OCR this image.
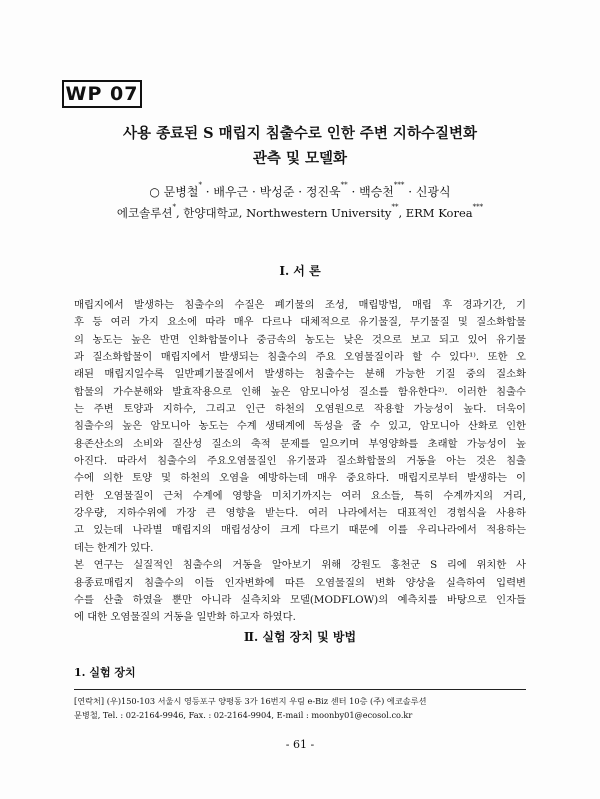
WP 07
사용 종료된 S 매립지 침출수로 인한 주변 지하수질변화
관측 및 모델화
○ 문병철* · 배우근 · 박성준 · 정진욱** · 백승천*** · 신광식
에코솔루션*, 한양대학교, Northwestern University**, ERM Korea***
Ⅰ. 서 론
매립지에서 발생하는 침출수의 수질은 폐기물의 조성, 매립방법, 매립 후 경과기간, 기
후 등 여러 가지 요소에 따라 매우 다르나 대체적으로 유기물질, 무기물질 및 질소화합물
의 농도는 높은 반면 인화합물이나 중금속의 농도는 낮은 것으로 보고 되고 있어 유기물
과 질소화합물이 매립지에서 발생되는 침출수의 주요 오염물질이라 할 수 있다¹⁾. 또한 오
래된 매립지일수록 일반폐기물질에서 발생하는 침출수는 분해 가능한 기질 중의 질소화
합물의 가수분해와 발효작용으로 인해 높은 암모니아성 질소를 함유한다²⁾. 이러한 침출수
는 주변 토양과 지하수, 그리고 인근 하천의 오염원으로 작용할 가능성이 높다. 더욱이
침출수의 높은 암모니아 농도는 수계 생태계에 독성을 줄 수 있고, 암모니아 산화로 인한
용존산소의 소비와 질산성 질소의 축적 문제를 일으키며 부영양화를 초래할 가능성이 높
아진다. 따라서 침출수의 주요오염물질인 유기물과 질소화합물의 거동을 아는 것은 침출
수에 의한 토양 및 하천의 오염을 예방하는데 매우 중요하다. 매립지로부터 발생하는 이
러한 오염물질이 근처 수계에 영향을 미치기까지는 여러 요소들, 특히 수계까지의 거리,
강우량, 지하수위에 가장 큰 영향을 받는다. 여러 나라에서는 대표적인 경험식을 사용하
고 있는데 나라별 매립지의 매립성상이 크게 다르기 때문에 이를 우리나라에서 적용하는
데는 한계가 있다.
본 연구는 실질적인 침출수의 거동을 알아보기 위해 강원도 홍천군 S 리에 위치한 사
용종료매립지 침출수의 이들 인자변화에 따른 오염물질의 변화 양상을 실측하여 입력변
수를 산출 하였을 뿐만 아니라 실측치와 모델(MODFLOW)의 예측치를 바탕으로 인자들
에 대한 오염물질의 거동을 일반화 하고자 하였다.
Ⅱ. 실험 장치 및 방법
1. 실험 장치
[연락처] (우)150-103 서울시 영등포구 양평동 3가 16번지 우림 e-Biz 센터 10층 (주) 에코솔루션
문병철, Tel. : 02-2164-9946, Fax. : 02-2164-9904, E-mail : moonby01@ecosol.co.kr
- 61 -
